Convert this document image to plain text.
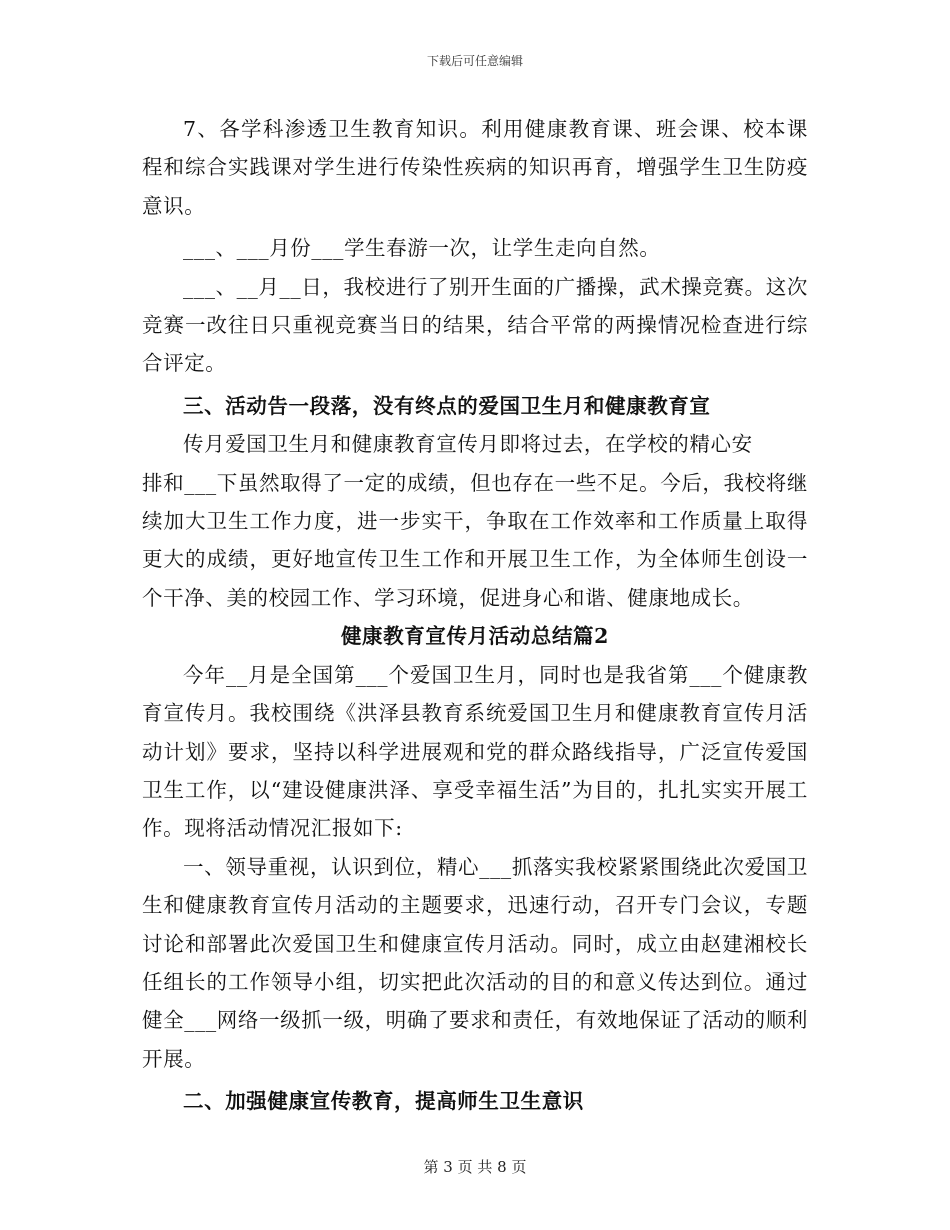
下载后可任意编辑

7、各学科渗透卫生教育知识。利用健康教育课、班会课、校本课程和综合实践课对学生进行传染性疾病的知识再育，增强学生卫生防疫意识。

___、___月份___学生春游一次，让学生走向自然。

___、__月__日，我校进行了别开生面的广播操，武术操竞赛。这次竞赛一改往日只重视竞赛当日的结果，结合平常的两操情况检查进行综合评定。

三、活动告一段落，没有终点的爱国卫生月和健康教育宣

传月爱国卫生月和健康教育宣传月即将过去，在学校的精心安

排和___下虽然取得了一定的成绩，但也存在一些不足。今后，我校将继续加大卫生工作力度，进一步实干，争取在工作效率和工作质量上取得更大的成绩，更好地宣传卫生工作和开展卫生工作，为全体师生创设一个干净、美的校园工作、学习环境，促进身心和谐、健康地成长。

健康教育宣传月活动总结篇2

今年__月是全国第___个爱国卫生月，同时也是我省第___个健康教育宣传月。我校围绕《洪泽县教育系统爱国卫生月和健康教育宣传月活动计划》要求，坚持以科学进展观和党的群众路线指导，广泛宣传爱国卫生工作，以“建设健康洪泽、享受幸福生活”为目的，扎扎实实开展工作。现将活动情况汇报如下:

一、领导重视，认识到位，精心___抓落实我校紧紧围绕此次爱国卫生和健康教育宣传月活动的主题要求，迅速行动，召开专门会议，专题讨论和部署此次爱国卫生和健康宣传月活动。同时，成立由赵建湘校长任组长的工作领导小组，切实把此次活动的目的和意义传达到位。通过健全___网络一级抓一级，明确了要求和责任，有效地保证了活动的顺利开展。

二、加强健康宣传教育，提高师生卫生意识

第 3 页 共 8 页
